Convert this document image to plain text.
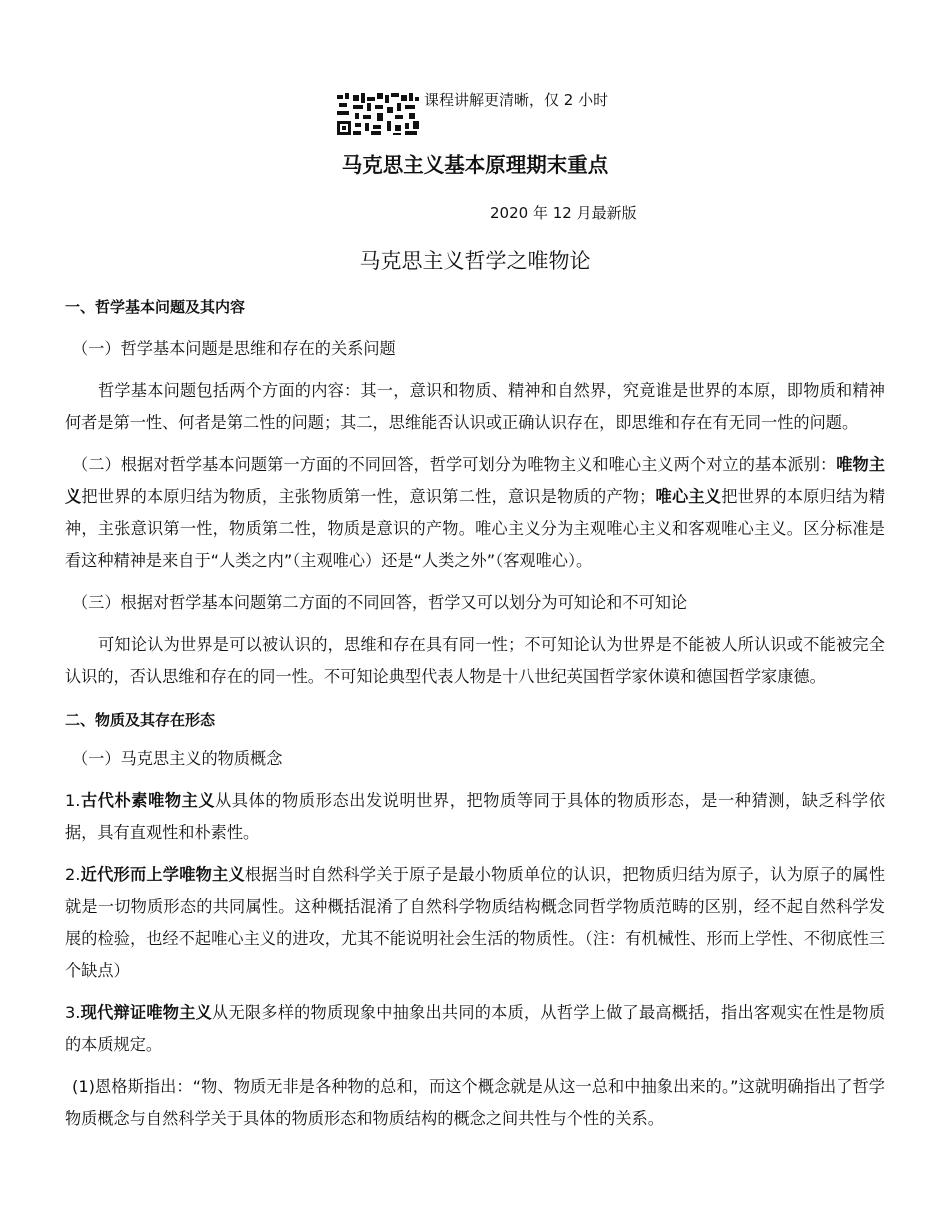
课程讲解更清晰，仅 2 小时
马克思主义基本原理期末重点
2020 年 12 月最新版
马克思主义哲学之唯物论
一、哲学基本问题及其内容
（一）哲学基本问题是思维和存在的关系问题
哲学基本问题包括两个方面的内容：其一，意识和物质、精神和自然界，究竟谁是世界的本原，即物质和精神何者是第一性、何者是第二性的问题；其二，思维能否认识或正确认识存在，即思维和存在有无同一性的问题。
（二）根据对哲学基本问题第一方面的不同回答，哲学可划分为唯物主义和唯心主义两个对立的基本派别：唯物主义把世界的本原归结为物质，主张物质第一性，意识第二性，意识是物质的产物；唯心主义把世界的本原归结为精神，主张意识第一性，物质第二性，物质是意识的产物。唯心主义分为主观唯心主义和客观唯心主义。区分标准是看这种精神是来自于“人类之内”（主观唯心）还是“人类之外”（客观唯心）。
（三）根据对哲学基本问题第二方面的不同回答，哲学又可以划分为可知论和不可知论
可知论认为世界是可以被认识的，思维和存在具有同一性；不可知论认为世界是不能被人所认识或不能被完全认识的，否认思维和存在的同一性。不可知论典型代表人物是十八世纪英国哲学家休谟和德国哲学家康德。
二、物质及其存在形态
（一）马克思主义的物质概念
1.古代朴素唯物主义从具体的物质形态出发说明世界，把物质等同于具体的物质形态，是一种猜测，缺乏科学依据，具有直观性和朴素性。
2.近代形而上学唯物主义根据当时自然科学关于原子是最小物质单位的认识，把物质归结为原子，认为原子的属性就是一切物质形态的共同属性。这种概括混淆了自然科学物质结构概念同哲学物质范畴的区别，经不起自然科学发展的检验，也经不起唯心主义的进攻，尤其不能说明社会生活的物质性。（注：有机械性、形而上学性、不彻底性三个缺点）
3.现代辩证唯物主义从无限多样的物质现象中抽象出共同的本质，从哲学上做了最高概括，指出客观实在性是物质的本质规定。
(1)恩格斯指出：“物、物质无非是各种物的总和，而这个概念就是从这一总和中抽象出来的。”这就明确指出了哲学物质概念与自然科学关于具体的物质形态和物质结构的概念之间共性与个性的关系。
